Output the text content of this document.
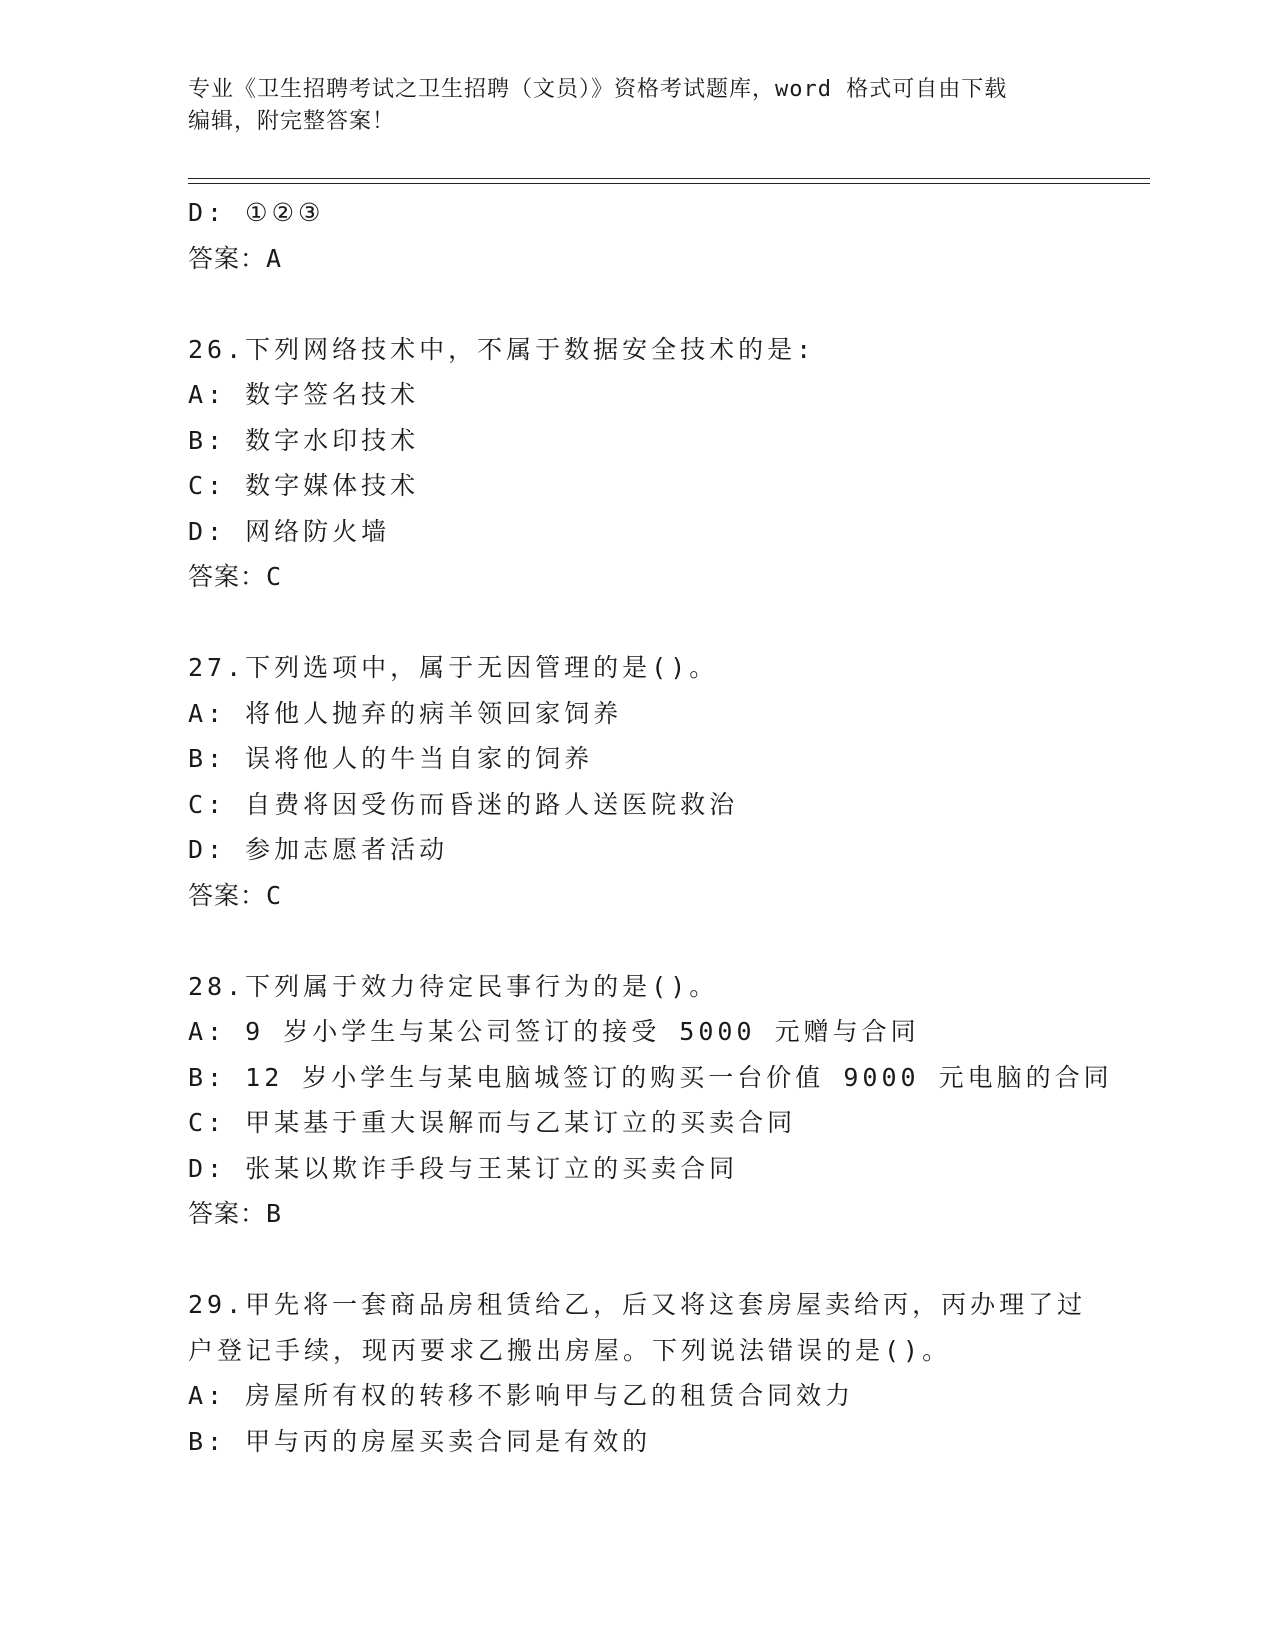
专业《卫生招聘考试之卫生招聘（文员）》资格考试题库，word 格式可自由下载
编辑，附完整答案！
D: ①②③
答案：A
26.下列网络技术中，不属于数据安全技术的是:
A: 数字签名技术
B: 数字水印技术
C: 数字媒体技术
D: 网络防火墙
答案：C
27.下列选项中，属于无因管理的是()。
A: 将他人抛弃的病羊领回家饲养
B: 误将他人的牛当自家的饲养
C: 自费将因受伤而昏迷的路人送医院救治
D: 参加志愿者活动
答案：C
28.下列属于效力待定民事行为的是()。
A: 9 岁小学生与某公司签订的接受 5000 元赠与合同
B: 12 岁小学生与某电脑城签订的购买一台价值 9000 元电脑的合同
C: 甲某基于重大误解而与乙某订立的买卖合同
D: 张某以欺诈手段与王某订立的买卖合同
答案：B
29.甲先将一套商品房租赁给乙，后又将这套房屋卖给丙，丙办理了过
户登记手续，现丙要求乙搬出房屋。下列说法错误的是()。
A: 房屋所有权的转移不影响甲与乙的租赁合同效力
B: 甲与丙的房屋买卖合同是有效的
